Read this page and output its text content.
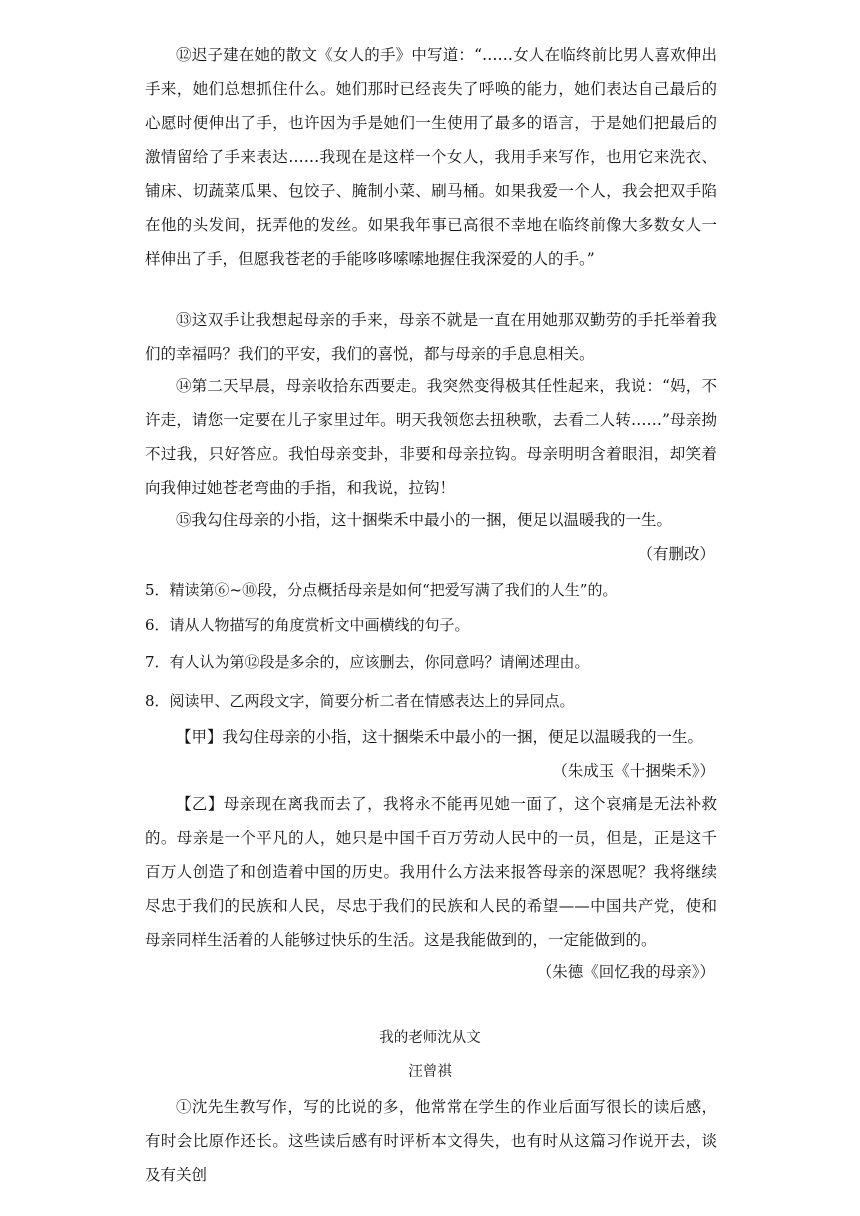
⑫迟子建在她的散文《女人的手》中写道：“……女人在临终前比男人喜欢伸出手来，她们总想抓住什么。她们那时已经丧失了呼唤的能力，她们表达自己最后的心愿时便伸出了手，也许因为手是她们一生使用了最多的语言，于是她们把最后的激情留给了手来表达……我现在是这样一个女人，我用手来写作，也用它来洗衣、铺床、切蔬菜瓜果、包饺子、腌制小菜、刷马桶。如果我爱一个人，我会把双手陷在他的头发间，抚弄他的发丝。如果我年事已高很不幸地在临终前像大多数女人一样伸出了手，但愿我苍老的手能哆哆嗦嗦地握住我深爱的人的手。”
⑬这双手让我想起母亲的手来，母亲不就是一直在用她那双勤劳的手托举着我们的幸福吗？我们的平安，我们的喜悦，都与母亲的手息息相关。
⑭第二天早晨，母亲收拾东西要走。我突然变得极其任性起来，我说：“妈，不许走，请您一定要在儿子家里过年。明天我领您去扭秧歌，去看二人转……”母亲拗不过我，只好答应。我怕母亲变卦，非要和母亲拉钩。母亲明明含着眼泪，却笑着向我伸过她苍老弯曲的手指，和我说，拉钩！
⑮我勾住母亲的小指，这十捆柴禾中最小的一捆，便足以温暖我的一生。
（有删改）
5．精读第⑥~⑩段，分点概括母亲是如何“把爱写满了我们的人生”的。
6．请从人物描写的角度赏析文中画横线的句子。
7．有人认为第⑫段是多余的，应该删去，你同意吗？请阐述理由。
8．阅读甲、乙两段文字，简要分析二者在情感表达上的异同点。
【甲】我勾住母亲的小指，这十捆柴禾中最小的一捆，便足以温暖我的一生。
（朱成玉《十捆柴禾》）
【乙】母亲现在离我而去了，我将永不能再见她一面了，这个哀痛是无法补救的。母亲是一个平凡的人，她只是中国千百万劳动人民中的一员，但是，正是这千百万人创造了和创造着中国的历史。我用什么方法来报答母亲的深恩呢？我将继续尽忠于我们的民族和人民，尽忠于我们的民族和人民的希望——中国共产党，使和母亲同样生活着的人能够过快乐的生活。这是我能做到的，一定能做到的。
（朱德《回忆我的母亲》）
我的老师沈从文
汪曾祺
①沈先生教写作，写的比说的多，他常常在学生的作业后面写很长的读后感，有时会比原作还长。这些读后感有时评析本文得失，也有时从这篇习作说开去，谈及有关创
